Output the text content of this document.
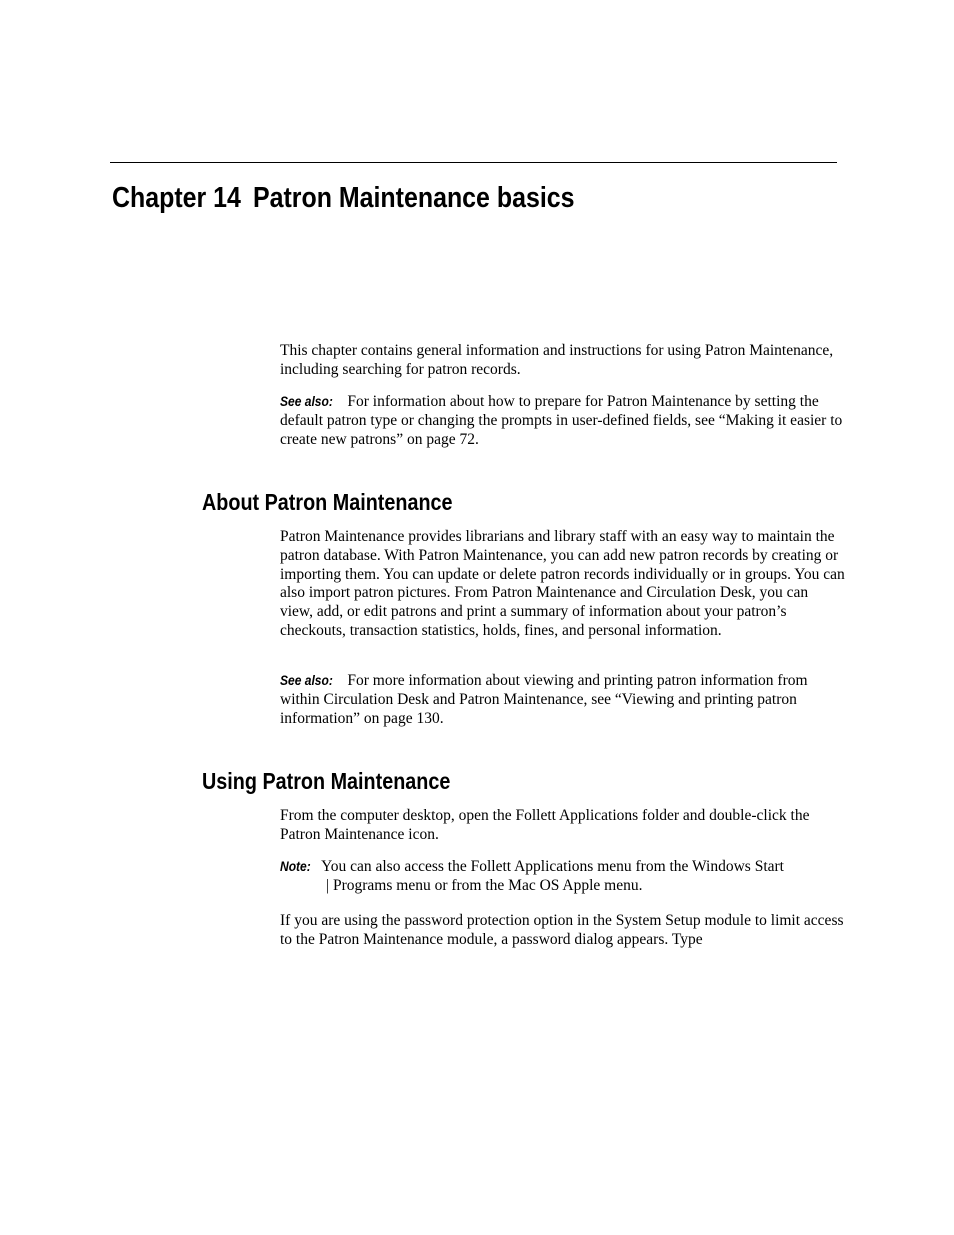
Chapter 14 Patron Maintenance basics

This chapter contains general information and instructions for using Patron Maintenance, including searching for patron records.

See also: For information about how to prepare for Patron Maintenance by setting the default patron type or changing the prompts in user-defined fields, see “Making it easier to create new patrons” on page 72.

About Patron Maintenance

Patron Maintenance provides librarians and library staff with an easy way to maintain the patron database. With Patron Maintenance, you can add new patron records by creating or importing them. You can update or delete patron records individually or in groups. You can also import patron pictures. From Patron Maintenance and Circulation Desk, you can view, add, or edit patrons and print a summary of information about your patron’s checkouts, transaction statistics, holds, fines, and personal information.

See also: For more information about viewing and printing patron information from within Circulation Desk and Patron Maintenance, see “Viewing and printing patron information” on page 130.

Using Patron Maintenance

From the computer desktop, open the Follett Applications folder and double-click the Patron Maintenance icon.

Note: You can also access the Follett Applications menu from the Windows Start
| Programs menu or from the Mac OS Apple menu.

If you are using the password protection option in the System Setup module to limit access to the Patron Maintenance module, a password dialog appears. Type
